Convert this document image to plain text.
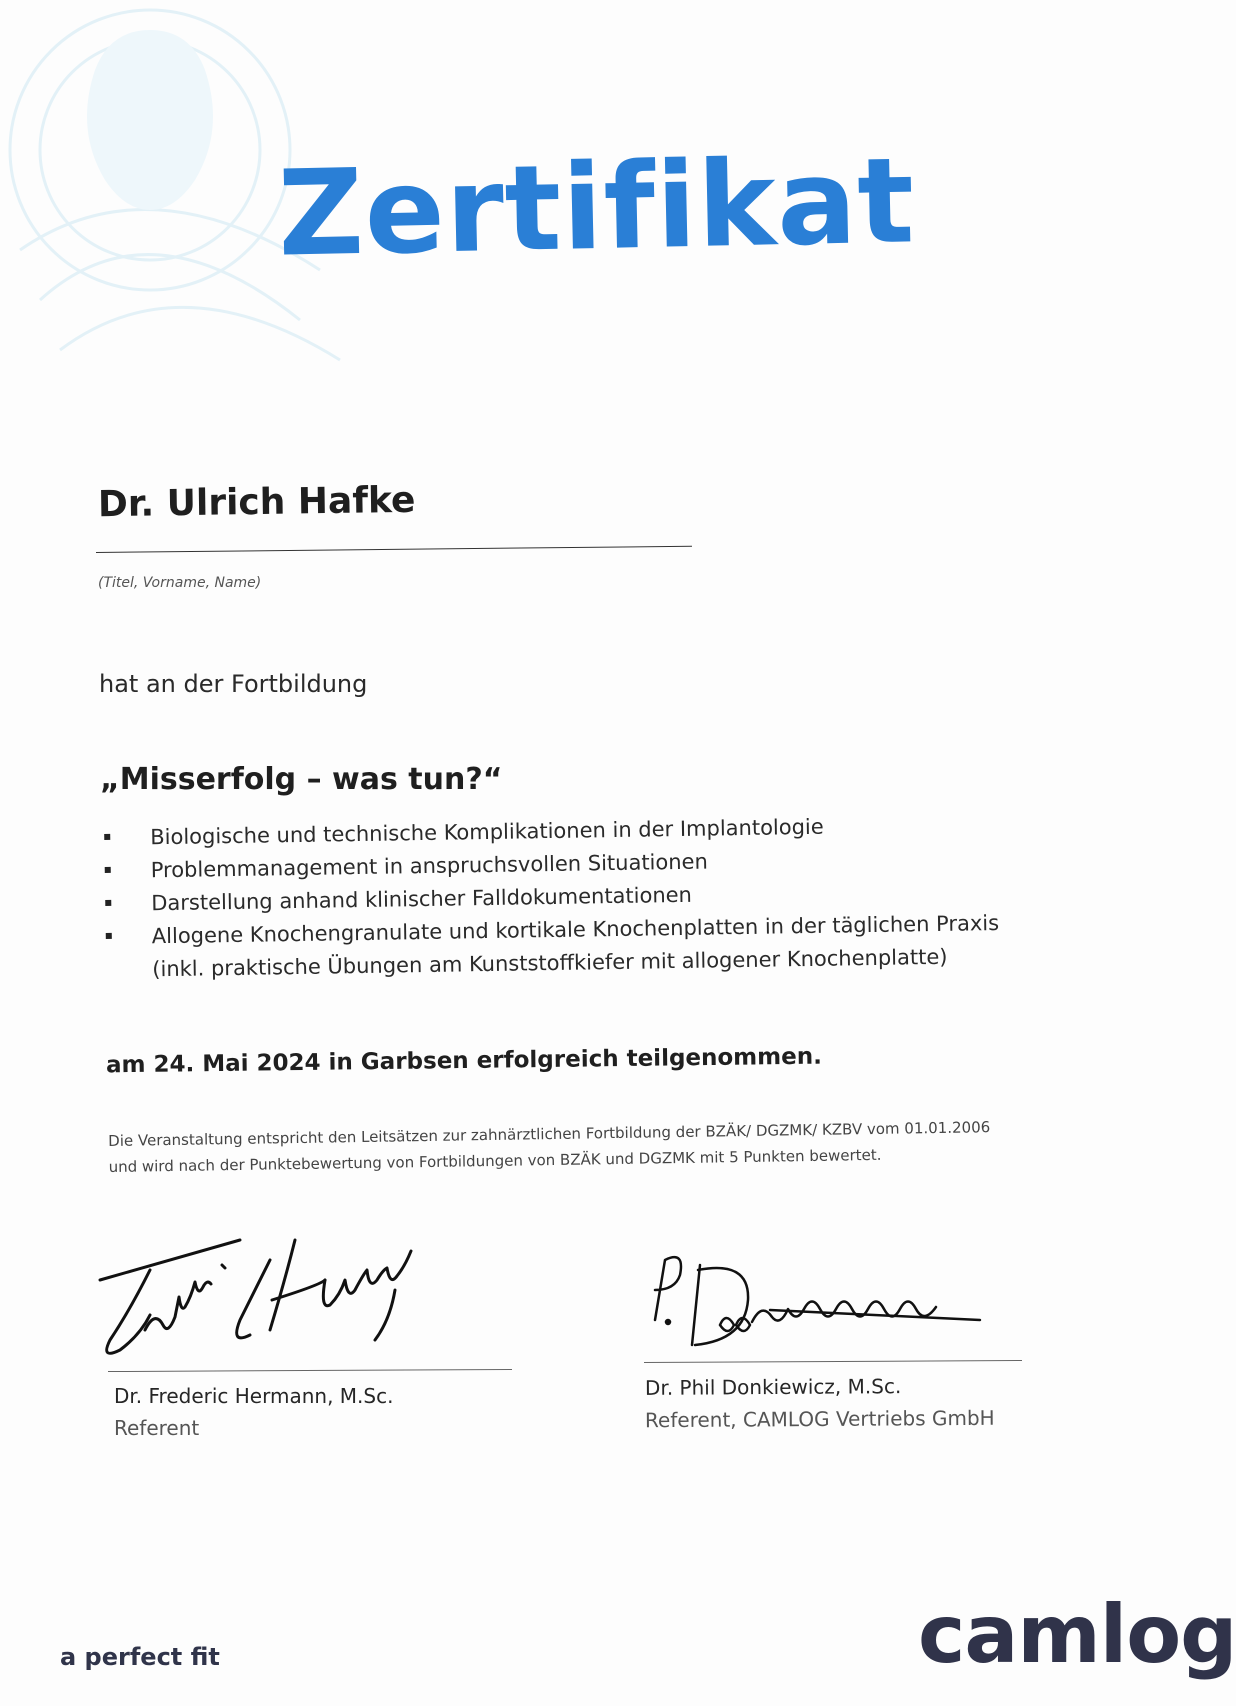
Zertifikat
Dr. Ulrich Hafke
(Titel, Vorname, Name)
hat an der Fortbildung
„Misserfolg – was tun?“
Biologische und technische Komplikationen in der Implantologie
Problemmanagement in anspruchsvollen Situationen
Darstellung anhand klinischer Falldokumentationen
Allogene Knochengranulate und kortikale Knochenplatten in der täglichen Praxis
(inkl. praktische Übungen am Kunststoffkiefer mit allogener Knochenplatte)
am 24. Mai 2024 in Garbsen erfolgreich teilgenommen.
Die Veranstaltung entspricht den Leitsätzen zur zahnärztlichen Fortbildung der BZÄK/ DGZMK/ KZBV vom 01.01.2006
und wird nach der Punktebewertung von Fortbildungen von BZÄK und DGZMK mit 5 Punkten bewertet.
Dr. Frederic Hermann, M.Sc.
Referent
Dr. Phil Donkiewicz, M.Sc.
Referent, CAMLOG Vertriebs GmbH
a perfect fit	camlog
